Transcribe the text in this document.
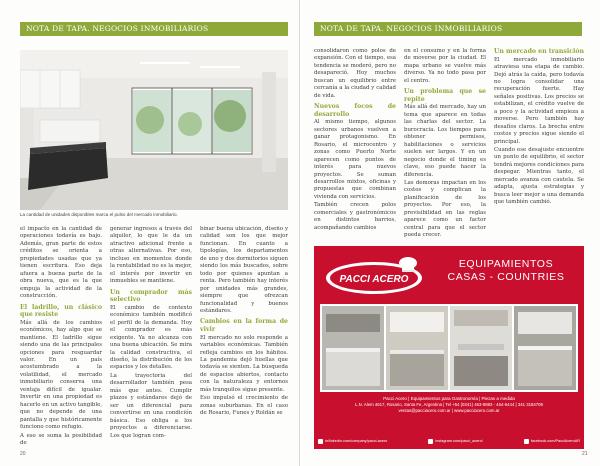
NOTA DE TAPA. NEGOCIOS INMOBILIARIOS
La cantidad de unidades disponibles marca el pulso del mercado inmobiliario.

el impacto en la cantidad de operaciones todavía es bajo. Además, gran parte de estos créditos se orienta a propiedades usadas que ya tienen escritura. Eso deja afuera a buena parte de la obra nueva, que es la que empuja la actividad de la construcción.

El ladrillo, un clásico que resiste

Más allá de los cambios económicos, hay algo que se mantiene. El ladrillo sigue siendo una de las principales opciones para resguardar valor. En un país acostumbrado a la volatilidad, el mercado inmobiliario conserva una ventaja difícil de igualar. Invertir en una propiedad es hacerlo en un activo tangible, que no depende de una pantalla y que históricamente funciono como refugio.

A eso se suma la posibilidad de

generar ingresos a través del alquiler, lo que le da un atractivo adicional frente a otras alternativas. Por eso, incluso en momentos donde la rentabilidad no es la mejor, el interés por invertir en inmuebles se mantiene.

Un comprador más selectivo

El cambio de contexto económico también modificó el perfil de la demanda. Hoy el comprador es más exigente. Ya no alcanza con una buena ubicación. Se mira la calidad constructiva, el diseño, la distribución de los espacios y los detalles.

La trayectoria del desarrollador también pesa más que antes. Cumplir plazos y estándares dejó de ser un diferencial para convertirse en una condición básica. Eso obliga a los proyectos a diferenciarse. Los que logran com-

binar buena ubicación, diseño y calidad son los que mejor funcionan. En cuanto a tipologías, los departamentos de uno y dos dormitorios siguen siendo los más buscados, sobre todo por quienes apuntan a renta. Pero también hay interés por unidades más grandes, siempre que ofrezcan funcionalidad y buenos estándares.

Cambios en la forma de vivir

El mercado no solo responde a variables económicas. También refleja cambios en los hábitos. La pandemia dejó huellas que todavía se sienten. La búsqueda de espacios abiertos, contacto con la naturaleza y entornos más tranquilos sigue presente.

Eso impulsó el crecimiento de zonas suburbanas. En el caso de Rosario, Funes y Roldán se

20
NOTA DE TAPA. NEGOCIOS INMOBILIARIOS

consolidaron como polos de expansión. Con el tiempo, esa tendencia se moderó, pero no desapareció. Hoy muchos buscan un equilibrio entre cercanía a la ciudad y calidad de vida.

Nuevos focos de desarrollo

Al mismo tiempo, algunos sectores urbanos vuelven a ganar protagonismo. En Rosario, el microcentro y zonas como Puerto Norte aparecen como puntos de interés para nuevos proyectos. Se suman desarrollos mixtos, oficinas y propuestas que combinan vivienda con servicios.

También crecen polos comerciales y gastronómicos en distintos barrios, acompañando cambios

en el consumo y en la forma de moverse por la ciudad. El mapa urbano se vuelve más diverso. Ya no todo pasa por el centro.

Un problema que se repite

Más allá del mercado, hay un tema que aparece en todas las charlas del sector. La burocracia. Los tiempos para obtener permisos, habilitaciones o servicios suelen ser largos. Y en un negocio donde el timing es clave, eso puede hacer la diferencia.

Las demoras impactan en los costos y complican la planificación de los proyectos. Por eso, la previsibilidad en las reglas aparece como un factor central para que el sector pueda crecer.

Un mercado en transición

El mercado inmobiliario atraviesa una etapa de cambio. Dejó atrás la caída, pero todavía no logra consolidar una recuperación fuerte. Hay señales positivas. Los precios se estabilizan, el crédito vuelve de a poco y la actividad empieza a moverse. Pero también hay desafíos claros. La brecha entre costos y precios sigue siendo el principal.

Cuando ese desajuste encuentre un punto de equilibrio, el sector tendrá mejores condiciones para despegar. Mientras tanto, el mercado avanza con cautela. Se adapta, ajusta estrategias y busca leer mejor a una demanda que también cambió.

PACCI ACERO
EQUIPAMIENTOS
CASAS - COUNTRIES
Pacci Acero | Equipamientos para Gastronomía | Piezas a medida
L.N. Alem 4617, Rosario, Santa Fe, Argentina | Tel +54 (0341) 463-8883 - 464-6444 | 341 3184708
ventas@pacciacero.com.ar | www.pacciacero.com.ar
in/linkedin.com/company/pacci-acero	instagram.com/pacci_acero/	facebook.com/PacciAceroAR
21
